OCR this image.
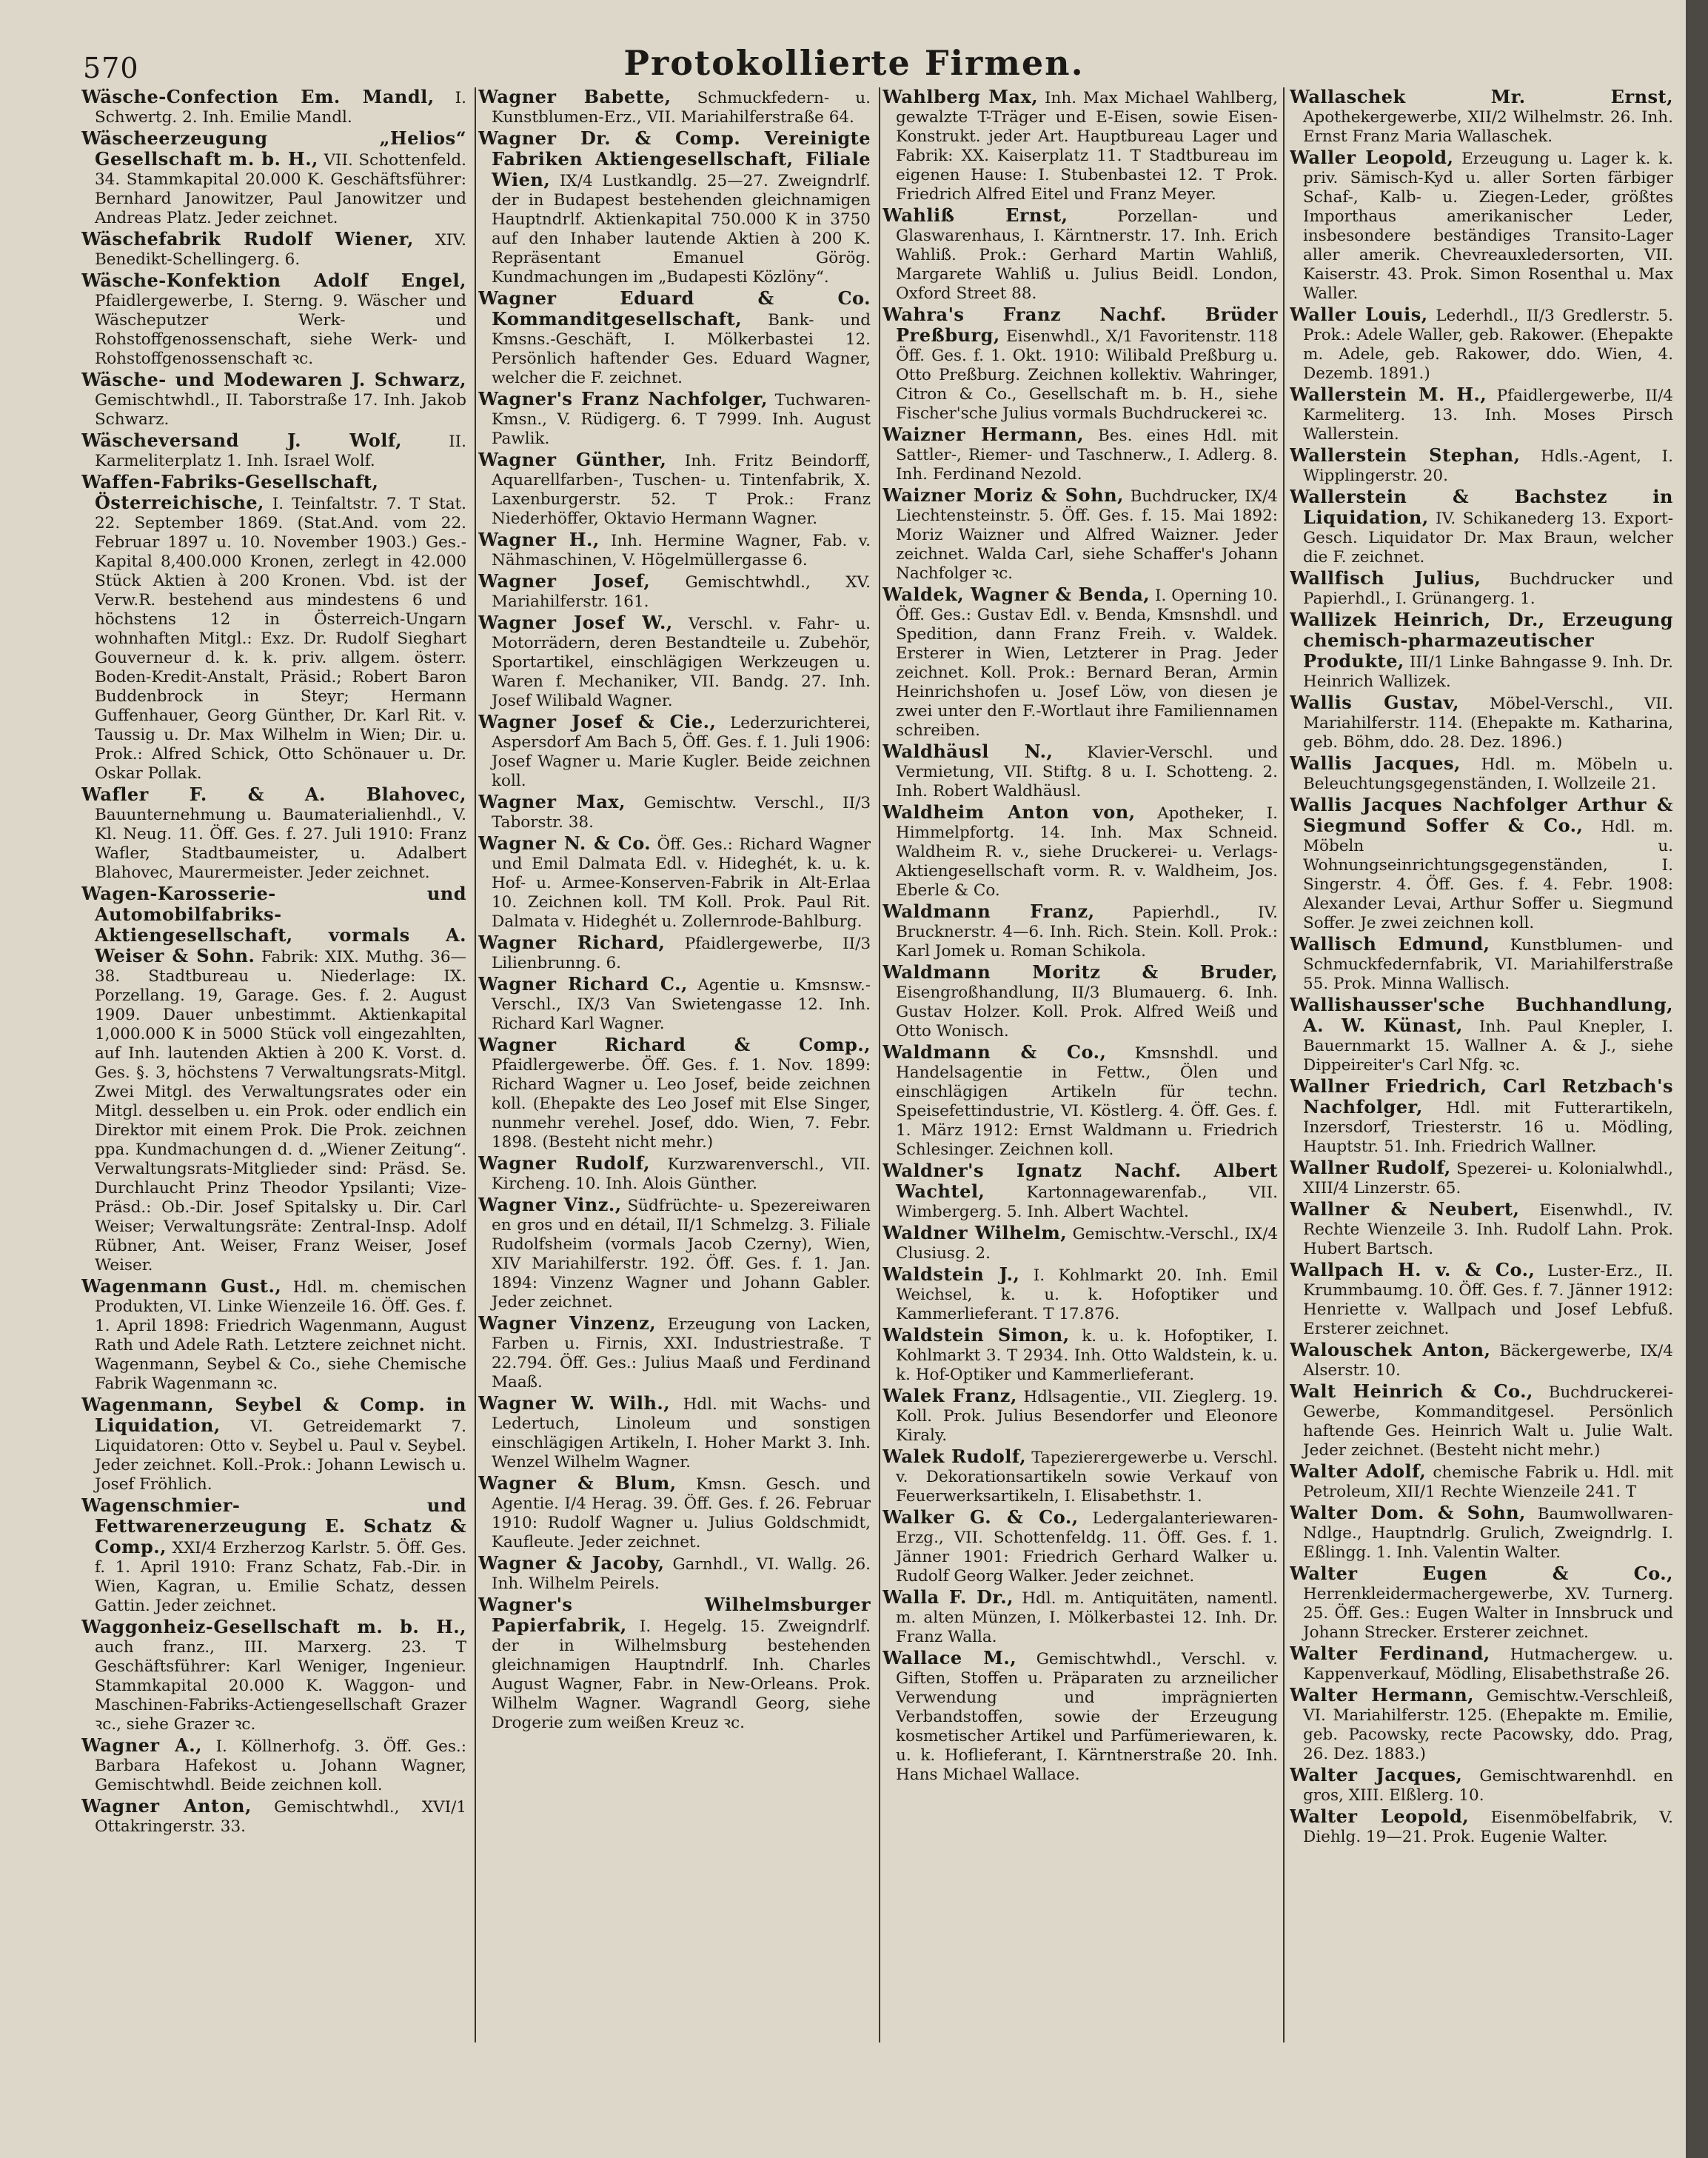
570	Protokollierte Firmen.

Wäsche-Confection Em. Mandl, I. Schwertg. 2. Inh. Emilie Mandl.

Wäscheerzeugung „Helios“ Gesellschaft m. b. H., VII. Schottenfeld. 34. Stammkapital 20.000 K. Geschäftsführer: Bernhard Janowitzer, Paul Janowitzer und Andreas Platz. Jeder zeichnet.

Wäschefabrik Rudolf Wiener, XIV. Benedikt-Schellingerg. 6.

Wäsche-Konfektion Adolf Engel, Pfaidlergewerbe, I. Sterng. 9. Wäscher und Wäscheputzer Werk- und Rohstoffgenossenschaft, siehe Werk- und Rohstoffgenossenschaft ꝛc.

Wäsche- und Modewaren J. Schwarz, Gemischtwhdl., II. Taborstraße 17. Inh. Jakob Schwarz.

Wäscheversand J. Wolf,	II. Karmeliterplatz 1. Inh. Israel Wolf.

Waffen-Fabriks-Gesellschaft, Österreichische, I. Teinfaltstr. 7. T Stat. 22. September 1869. (Stat.And. vom 22. Februar 1897 u. 10. November 1903.) Ges.-Kapital 8,400.000 Kronen, zerlegt in 42.000 Stück Aktien à 200 Kronen. Vbd. ist der Verw.R. bestehend aus mindestens 6 und höchstens 12 in Österreich-Ungarn wohnhaften Mitgl.: Exz. Dr. Rudolf Sieghart Gouverneur d. k. k. priv. allgem. österr. Boden-Kredit-Anstalt, Präsid.; Robert Baron Buddenbrock in Steyr; Hermann Guffenhauer, Georg Günther, Dr. Karl Rit. v. Taussig u. Dr. Max Wilhelm in Wien; Dir. u. Prok.: Alfred Schick, Otto Schönauer u. Dr. Oskar Pollak.

Wafler F. & A. Blahovec, Bauunternehmung u. Baumaterialienhdl., V. Kl. Neug. 11. Öff. Ges. f. 27. Juli 1910: Franz Wafler, Stadtbaumeister, u. Adalbert Blahovec, Maurermeister. Jeder zeichnet.

Wagen-Karosserie- und Automobilfabriks-Aktiengesellschaft, vormals A. Weiser & Sohn. Fabrik: XIX. Muthg. 36—38. Stadtbureau u. Niederlage: IX. Porzellang. 19, Garage. Ges. f. 2. August 1909. Dauer unbestimmt. Aktienkapital 1,000.000 K in 5000 Stück voll eingezahlten, auf Inh. lautenden Aktien à 200 K. Vorst. d. Ges. §. 3, höchstens 7 Verwaltungsrats-Mitgl. Zwei Mitgl. des Verwaltungsrates oder ein Mitgl. desselben u. ein Prok. oder endlich ein Direktor mit einem Prok. Die Prok. zeichnen ppa. Kundmachungen d. d. „Wiener Zeitung“. Verwaltungsrats-Mitglieder sind: Präsd. Se. Durchlaucht Prinz Theodor Ypsilanti; Vize-Präsd.: Ob.-Dir. Josef Spitalsky u. Dir. Carl Weiser; Verwaltungsräte: Zentral-Insp. Adolf Rübner, Ant. Weiser, Franz Weiser, Josef Weiser.

Wagenmann Gust., Hdl. m. chemischen Produkten, VI. Linke Wienzeile 16. Öff. Ges. f. 1. April 1898: Friedrich Wagenmann, August Rath und Adele Rath. Letztere zeichnet nicht. Wagenmann, Seybel & Co., siehe Chemische Fabrik Wagenmann ꝛc.

Wagenmann, Seybel & Comp. in Liquidation, VI. Getreidemarkt 7. Liquidatoren: Otto v. Seybel u. Paul v. Seybel. Jeder zeichnet. Koll.-Prok.: Johann Lewisch u. Josef Fröhlich.

Wagenschmier- und Fettwarenerzeugung E. Schatz & Comp., XXI/4 Erzherzog Karlstr. 5. Öff. Ges. f. 1. April 1910: Franz Schatz, Fab.-Dir. in Wien, Kagran, u. Emilie Schatz, dessen Gattin. Jeder zeichnet.

Waggonheiz-Gesellschaft m. b. H., auch franz., III. Marxerg. 23. T Geschäftsführer: Karl Weniger, Ingenieur. Stammkapital 20.000 K. Waggon- und Maschinen-Fabriks-Actiengesellschaft Grazer ꝛc., siehe Grazer ꝛc.

Wagner A., I. Köllnerhofg. 3. Öff. Ges.: Barbara Hafekost u. Johann Wagner, Gemischtwhdl. Beide zeichnen koll.

Wagner Anton, Gemischtwhdl., XVI/1 Ottakringerstr. 33.

Wagner Babette, Schmuckfedern- u. Kunstblumen-Erz., VII. Mariahilferstraße 64.

Wagner Dr. & Comp. Vereinigte Fabriken Aktiengesellschaft, Filiale Wien, IX/4 Lustkandlg. 25—27. Zweigndrlf. der in Budapest bestehenden gleichnamigen Hauptndrlf. Aktienkapital 750.000 K in 3750 auf den Inhaber lautende Aktien à 200 K. Repräsentant Emanuel Görög. Kundmachungen im „Budapesti Közlöny“.

Wagner Eduard & Co. Kommanditgesellschaft, Bank- und Kmsns.-Geschäft, I. Mölkerbastei 12. Persönlich haftender Ges. Eduard Wagner, welcher die F. zeichnet.

Wagner's Franz Nachfolger, Tuchwaren-Kmsn., V. Rüdigerg. 6. T 7999. Inh. August Pawlik.

Wagner Günther, Inh. Fritz Beindorff, Aquarellfarben-, Tuschen- u. Tintenfabrik, X. Laxenburgerstr. 52. T Prok.: Franz Niederhöffer, Oktavio Hermann Wagner.

Wagner H., Inh. Hermine Wagner, Fab. v. Nähmaschinen, V. Högelmüllergasse 6.

Wagner Josef, Gemischtwhdl., XV. Mariahilferstr. 161.

Wagner Josef W., Verschl. v. Fahr- u. Motorrädern, deren Bestandteile u. Zubehör, Sportartikel, einschlägigen Werkzeugen u. Waren f. Mechaniker, VII. Bandg. 27. Inh. Josef Wilibald Wagner.

Wagner Josef & Cie., Lederzurichterei, Aspersdorf Am Bach 5, Öff. Ges. f. 1. Juli 1906: Josef Wagner u. Marie Kugler. Beide zeichnen koll.

Wagner Max, Gemischtw. Verschl., II/3 Taborstr. 38.

Wagner N. & Co. Öff. Ges.: Richard Wagner und Emil Dalmata Edl. v. Hideghét, k. u. k. Hof- u. Armee-Konserven-Fabrik in Alt-Erlaa 10. Zeichnen koll. TM Koll. Prok. Paul Rit. Dalmata v. Hideghét u. Zollernrode-Bahlburg.

Wagner Richard, Pfaidlergewerbe, II/3 Lilienbrunng. 6.

Wagner Richard C., Agentie u. Kmsnsw.-Verschl., IX/3 Van Swietengasse 12. Inh. Richard Karl Wagner.

Wagner Richard & Comp., Pfaidlergewerbe. Öff. Ges. f. 1. Nov. 1899: Richard Wagner u. Leo Josef, beide zeichnen koll. (Ehepakte des Leo Josef mit Else Singer, nunmehr verehel. Josef, ddo. Wien, 7. Febr. 1898. (Besteht nicht mehr.)

Wagner Rudolf, Kurzwarenverschl., VII. Kircheng. 10. Inh. Alois Günther.

Wagner Vinz., Südfrüchte- u. Spezereiwaren en gros und en détail, II/1 Schmelzg. 3. Filiale Rudolfsheim (vormals Jacob Czerny), Wien, XIV Mariahilferstr. 192. Öff. Ges. f. 1. Jan. 1894: Vinzenz Wagner und Johann Gabler. Jeder zeichnet.

Wagner Vinzenz, Erzeugung von Lacken, Farben u. Firnis, XXI. Industriestraße. T 22.794. Öff. Ges.: Julius Maaß und Ferdinand Maaß.

Wagner W. Wilh., Hdl. mit Wachs- und Ledertuch, Linoleum und sonstigen einschlägigen Artikeln, I. Hoher Markt 3. Inh. Wenzel Wilhelm Wagner.

Wagner & Blum, Kmsn. Gesch. und Agentie. I/4 Herag. 39. Öff. Ges. f. 26. Februar 1910: Rudolf Wagner u. Julius Goldschmidt, Kaufleute. Jeder zeichnet.

Wagner & Jacoby, Garnhdl., VI. Wallg. 26. Inh. Wilhelm Peirels.

Wagner's Wilhelmsburger Papierfabrik, I. Hegelg. 15. Zweigndrlf. der in Wilhelmsburg bestehenden gleichnamigen Hauptndrlf. Inh. Charles August Wagner, Fabr. in New-Orleans. Prok. Wilhelm Wagner. Wagrandl Georg, siehe Drogerie zum weißen Kreuz ꝛc.

Wahlberg Max, Inh. Max Michael Wahlberg, gewalzte T-Träger und E-Eisen, sowie Eisen-Konstrukt. jeder Art. Hauptbureau Lager und Fabrik: XX. Kaiserplatz 11. T Stadtbureau im eigenen Hause: I. Stubenbastei 12. T Prok. Friedrich Alfred Eitel und Franz Meyer.

Wahliß Ernst,	Porzellan- und Glaswarenhaus, I. Kärntnerstr. 17. Inh. Erich Wahliß. Prok.: Gerhard Martin Wahliß, Margarete Wahliß u. Julius Beidl. London, Oxford Street 88.

Wahra's Franz Nachf. Brüder Preßburg, Eisenwhdl., X/1 Favoritenstr. 118 Öff. Ges. f. 1. Okt. 1910: Wilibald Preßburg u. Otto Preßburg. Zeichnen kollektiv. Wahringer, Citron & Co., Gesellschaft m. b. H., siehe Fischer'sche Julius vormals Buchdruckerei ꝛc.

Waizner Hermann, Bes. eines Hdl. mit Sattler-, Riemer- und Taschnerw., I. Adlerg. 8. Inh. Ferdinand Nezold.

Waizner Moriz & Sohn, Buchdrucker, IX/4 Liechtensteinstr. 5. Öff. Ges. f. 15. Mai 1892: Moriz Waizner und Alfred Waizner. Jeder zeichnet. Walda Carl, siehe Schaffer's Johann Nachfolger ꝛc.

Waldek, Wagner & Benda, I. Operning 10. Öff. Ges.: Gustav Edl. v. Benda, Kmsnshdl. und Spedition, dann Franz Freih. v. Waldek. Ersterer in Wien, Letzterer in Prag. Jeder zeichnet. Koll. Prok.: Bernard Beran, Armin Heinrichshofen u. Josef Löw, von diesen je zwei unter den F.-Wortlaut ihre Familiennamen schreiben.

Waldhäusl N., Klavier-Verschl. und Vermietung, VII. Stiftg. 8 u. I. Schotteng. 2. Inh. Robert Waldhäusl.

Waldheim Anton von, Apotheker, I. Himmelpfortg. 14. Inh. Max Schneid. Waldheim R. v., siehe Druckerei- u. Verlags-Aktiengesellschaft vorm. R. v. Waldheim, Jos. Eberle & Co.

Waldmann Franz, Papierhdl., IV. Brucknerstr. 4—6. Inh. Rich. Stein. Koll. Prok.: Karl Jomek u. Roman Schikola.

Waldmann Moritz & Bruder, Eisengroßhandlung, II/3 Blumauerg. 6. Inh. Gustav Holzer. Koll. Prok. Alfred Weiß und Otto Wonisch.

Waldmann & Co., Kmsnshdl. und Handelsagentie in Fettw., Ölen und einschlägigen Artikeln für techn. Speisefettindustrie, VI. Köstlerg. 4. Öff. Ges. f. 1. März 1912: Ernst Waldmann u. Friedrich Schlesinger. Zeichnen koll.

Waldner's Ignatz Nachf. Albert Wachtel,	Kartonnagewarenfab., VII. Wimbergerg. 5. Inh. Albert Wachtel.

Waldner Wilhelm, Gemischtw.-Verschl., IX/4 Clusiusg. 2.

Waldstein J., I. Kohlmarkt 20. Inh. Emil Weichsel, k. u. k. Hofoptiker und Kammerlieferant. T 17.876.

Waldstein Simon, k. u. k. Hofoptiker, I. Kohlmarkt 3. T 2934. Inh. Otto Waldstein, k. u. k. Hof-Optiker und Kammerlieferant.

Walek Franz, Hdlsagentie., VII. Zieglerg. 19. Koll. Prok. Julius Besendorfer und Eleonore Kiraly.

Walek Rudolf, Tapezierergewerbe u. Verschl. v. Dekorationsartikeln sowie Verkauf von Feuerwerksartikeln, I. Elisabethstr. 1.

Walker G. & Co., Ledergalanteriewaren-Erzg., VII. Schottenfeldg. 11. Öff. Ges. f. 1. Jänner 1901: Friedrich Gerhard Walker u. Rudolf Georg Walker. Jeder zeichnet.

Walla F. Dr., Hdl. m. Antiquitäten, namentl. m. alten Münzen, I. Mölkerbastei 12. Inh. Dr. Franz Walla.

Wallace M., Gemischtwhdl., Verschl. v. Giften, Stoffen u. Präparaten zu arzneilicher Verwendung und imprägnierten Verbandstoffen, sowie der Erzeugung kosmetischer Artikel und Parfümeriewaren, k. u. k. Hoflieferant, I. Kärntnerstraße 20. Inh. Hans Michael Wallace.

Wallaschek Mr. Ernst, Apothekergewerbe, XII/2 Wilhelmstr. 26. Inh. Ernst Franz Maria Wallaschek.

Waller Leopold, Erzeugung u. Lager k. k. priv. Sämisch-Kyd u. aller Sorten färbiger Schaf-, Kalb- u. Ziegen-Leder, größtes Importhaus amerikanischer Leder, insbesondere beständiges Transito-Lager aller amerik. Chevreauxledersorten, VII. Kaiserstr. 43. Prok. Simon Rosenthal u. Max Waller.

Waller Louis, Lederhdl., II/3 Gredlerstr. 5. Prok.: Adele Waller, geb. Rakower. (Ehepakte m. Adele, geb. Rakower, ddo. Wien, 4. Dezemb. 1891.)

Wallerstein M. H., Pfaidlergewerbe, II/4 Karmeliterg. 13. Inh. Moses Pirsch Wallerstein.

Wallerstein Stephan, Hdls.-Agent, I. Wipplingerstr. 20.

Wallerstein & Bachstez in Liquidation, IV. Schikanederg 13. Export-Gesch. Liquidator Dr. Max Braun, welcher die F. zeichnet.

Wallfisch Julius, Buchdrucker und Papierhdl., I. Grünangerg. 1.

Wallizek Heinrich, Dr., Erzeugung chemisch-pharmazeutischer Produkte, III/1 Linke Bahngasse 9. Inh. Dr. Heinrich Wallizek.

Wallis Gustav, Möbel-Verschl., VII. Mariahilferstr. 114. (Ehepakte m. Katharina, geb. Böhm, ddo. 28. Dez. 1896.)

Wallis Jacques, Hdl. m. Möbeln u. Beleuchtungsgegenständen, I. Wollzeile 21.

Wallis Jacques Nachfolger Arthur & Siegmund Soffer & Co., Hdl. m. Möbeln u. Wohnungseinrichtungsgegenständen, I. Singerstr. 4. Öff. Ges. f. 4. Febr. 1908: Alexander Levai, Arthur Soffer u. Siegmund Soffer. Je zwei zeichnen koll.

Wallisch Edmund, Kunstblumen- und Schmuckfedernfabrik, VI. Mariahilferstraße 55. Prok. Minna Wallisch.

Wallishausser'sche Buchhandlung, A. W. Künast, Inh. Paul Knepler, I. Bauernmarkt 15. Wallner A. & J., siehe Dippeireiter's Carl Nfg. ꝛc.

Wallner Friedrich, Carl Retzbach's Nachfolger, Hdl. mit Futterartikeln, Inzersdorf, Triesterstr. 16 u. Mödling, Hauptstr. 51. Inh. Friedrich Wallner.

Wallner Rudolf, Spezerei- u. Kolonialwhdl., XIII/4 Linzerstr. 65.

Wallner & Neubert, Eisenwhdl., IV. Rechte Wienzeile 3. Inh. Rudolf Lahn. Prok. Hubert Bartsch.

Wallpach H. v. & Co., Luster-Erz., II. Krummbaumg. 10. Öff. Ges. f. 7. Jänner 1912: Henriette v. Wallpach und Josef Lebfuß. Ersterer zeichnet.

Walouschek Anton, Bäckergewerbe, IX/4 Alserstr. 10.

Walt Heinrich & Co., Buchdruckerei-Gewerbe, Kommanditgesel. Persönlich haftende Ges. Heinrich Walt u. Julie Walt. Jeder zeichnet. (Besteht nicht mehr.)

Walter Adolf, chemische Fabrik u. Hdl. mit Petroleum, XII/1 Rechte Wienzeile 241. T

Walter Dom. & Sohn, Baumwollwaren-Ndlge., Hauptndrlg. Grulich, Zweigndrlg. I. Eßlingg. 1. Inh. Valentin Walter.

Walter Eugen & Co., Herrenkleidermachergewerbe, XV. Turnerg. 25. Öff. Ges.: Eugen Walter in Innsbruck und Johann Strecker. Ersterer zeichnet.

Walter Ferdinand, Hutmachergew. u. Kappenverkauf, Mödling, Elisabethstraße 26.

Walter Hermann, Gemischtw.-Verschleiß, VI. Mariahilferstr. 125. (Ehepakte m. Emilie, geb. Pacowsky, recte Pacowsky, ddo. Prag, 26. Dez. 1883.)

Walter Jacques, Gemischtwarenhdl. en gros, XIII. Elßlerg. 10.

Walter Leopold, Eisenmöbelfabrik, V. Diehlg. 19—21. Prok. Eugenie Walter.
